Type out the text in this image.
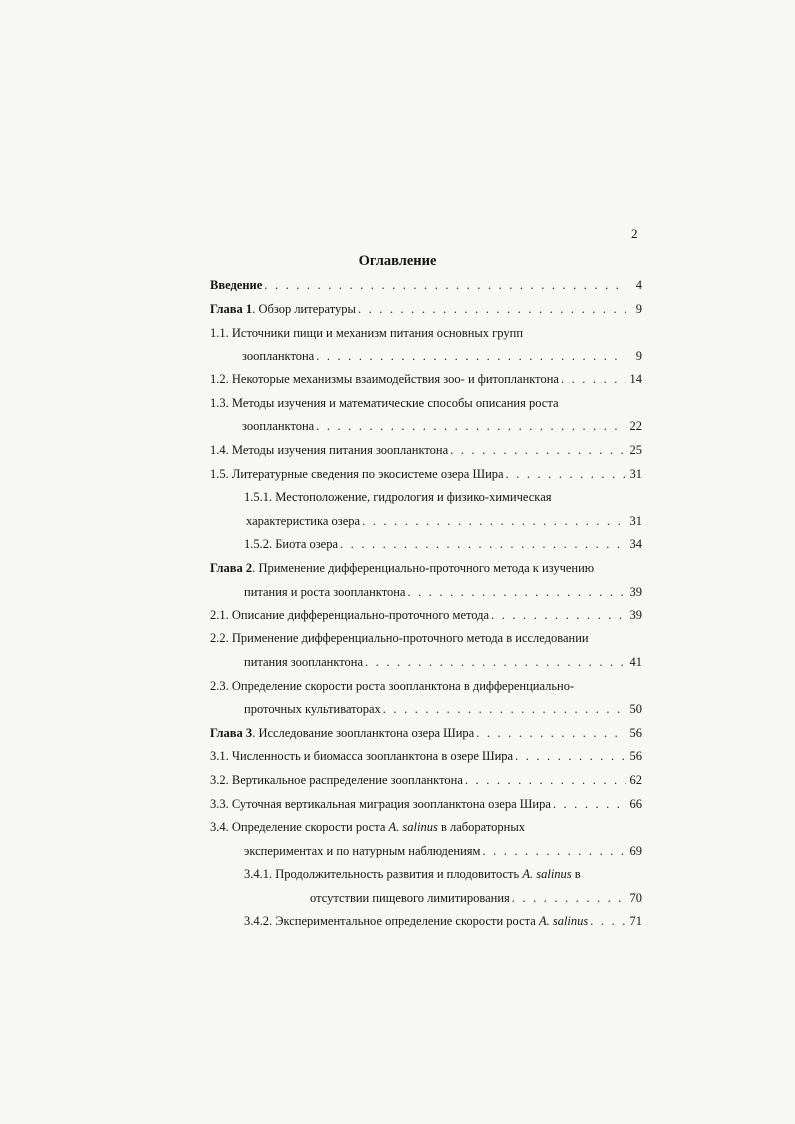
2
Оглавление
Введение . . .	4
Глава 1. Обзор литературы . . .	9
1.1. Источники пищи и механизм питания основных групп
зоопланктона . . .	9
1.2. Некоторые механизмы взаимодействия зоо- и фитопланктона . . .	14
1.3. Методы изучения и математические способы описания роста
зоопланктона . . .	22
1.4. Методы изучения питания зоопланктона . . .	25
1.5. Литературные сведения по экосистеме озера Шира . . .	31
1.5.1. Местоположение, гидрология и физико-химическая
характеристика озера . . .	31
1.5.2. Биота озера . . .	34
Глава 2. Применение дифференциально-проточного метода к изучению
питания и роста зоопланктона . . .	39
2.1. Описание дифференциально-проточного метода . . .	39
2.2. Применение дифференциально-проточного метода в исследовании
питания зоопланктона . . .	41
2.3. Определение скорости роста зоопланктона в дифференциально-
проточных культиваторах . . .	50
Глава 3. Исследование зоопланктона озера Шира . . .	56
3.1. Численность и биомасса зоопланктона в озере Шира . . .	56
3.2. Вертикальное распределение зоопланктона . . .	62
3.3. Суточная вертикальная миграция зоопланктона озера Шира . . .	66
3.4. Определение скорости роста A. salinus в лабораторных
экспериментах и по натурным наблюдениям . . .	69
3.4.1. Продолжительность развития и плодовитость A. salinus в
отсутствии пищевого лимитирования . . .	70
3.4.2. Экспериментальное определение скорости роста A. salinus . . .	71
